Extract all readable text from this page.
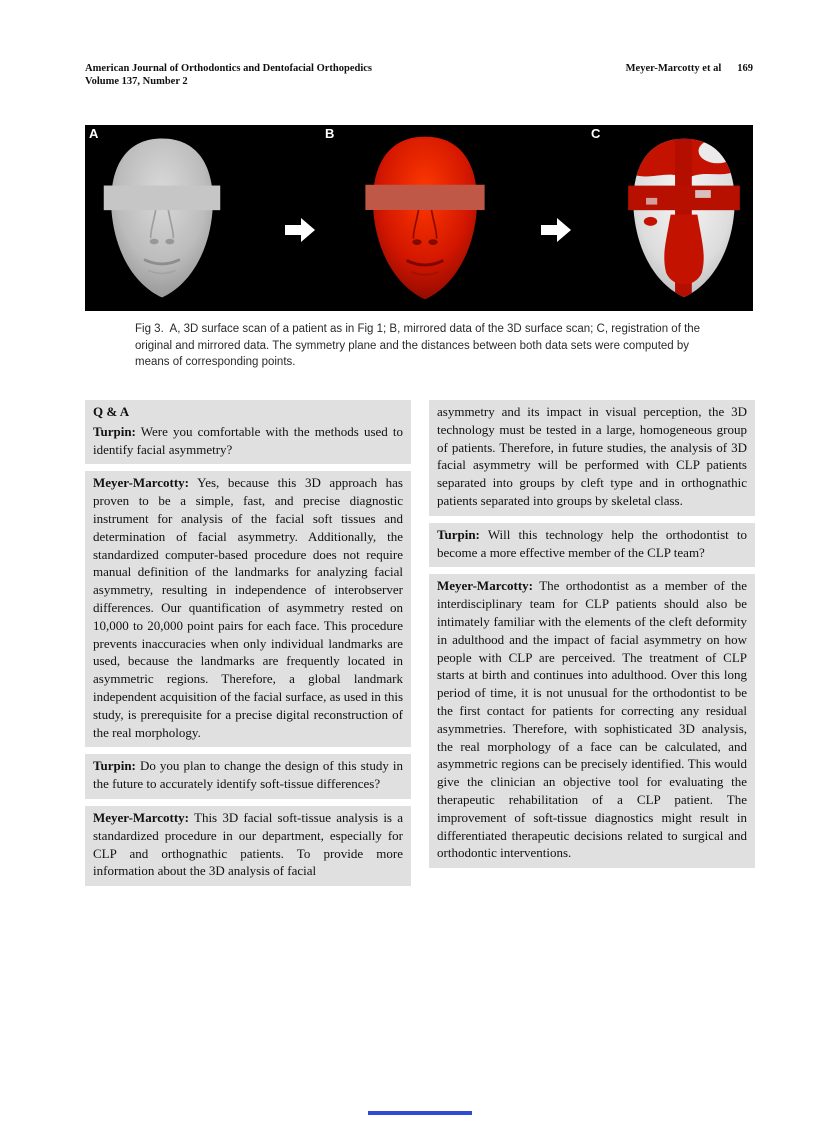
American Journal of Orthodontics and Dentofacial Orthopedics
Volume 137, Number 2
Meyer-Marcotty et al 169
A	B	C
Fig 3. A, 3D surface scan of a patient as in Fig 1; B, mirrored data of the 3D surface scan; C, registration of the original and mirrored data. The symmetry plane and the distances between both data sets were computed by means of corresponding points.
Q & A

Turpin: Were you comfortable with the methods used to identify facial asymmetry?

Meyer-Marcotty: Yes, because this 3D approach has proven to be a simple, fast, and precise diagnostic instrument for analysis of the facial soft tissues and determination of facial asymmetry. Additionally, the standardized computer-based procedure does not require manual definition of the landmarks for analyzing facial asymmetry, resulting in independence of interobserver differences. Our quantification of asymmetry rested on 10,000 to 20,000 point pairs for each face. This procedure prevents inaccuracies when only individual landmarks are used, because the landmarks are frequently located in asymmetric regions. Therefore, a global landmark independent acquisition of the facial surface, as used in this study, is prerequisite for a precise digital reconstruction of the real morphology.

Turpin: Do you plan to change the design of this study in the future to accurately identify soft-tissue differences?

Meyer-Marcotty: This 3D facial soft-tissue analysis is a standardized procedure in our department, especially for CLP and orthognathic patients. To provide more information about the 3D analysis of facial

asymmetry and its impact in visual perception, the 3D technology must be tested in a large, homogeneous group of patients. Therefore, in future studies, the analysis of 3D facial asymmetry will be performed with CLP patients separated into groups by cleft type and in orthognathic patients separated into groups by skeletal class.

Turpin: Will this technology help the orthodontist to become a more effective member of the CLP team?

Meyer-Marcotty: The orthodontist as a member of the interdisciplinary team for CLP patients should also be intimately familiar with the elements of the cleft deformity in adulthood and the impact of facial asymmetry on how people with CLP are perceived. The treatment of CLP starts at birth and continues into adulthood. Over this long period of time, it is not unusual for the orthodontist to be the first contact for patients for correcting any residual asymmetries. Therefore, with sophisticated 3D analysis, the real morphology of a face can be calculated, and asymmetric regions can be precisely identified. This would give the clinician an objective tool for evaluating the therapeutic rehabilitation of a CLP patient. The improvement of soft-tissue diagnostics might result in differentiated therapeutic decisions related to surgical and orthodontic interventions.
